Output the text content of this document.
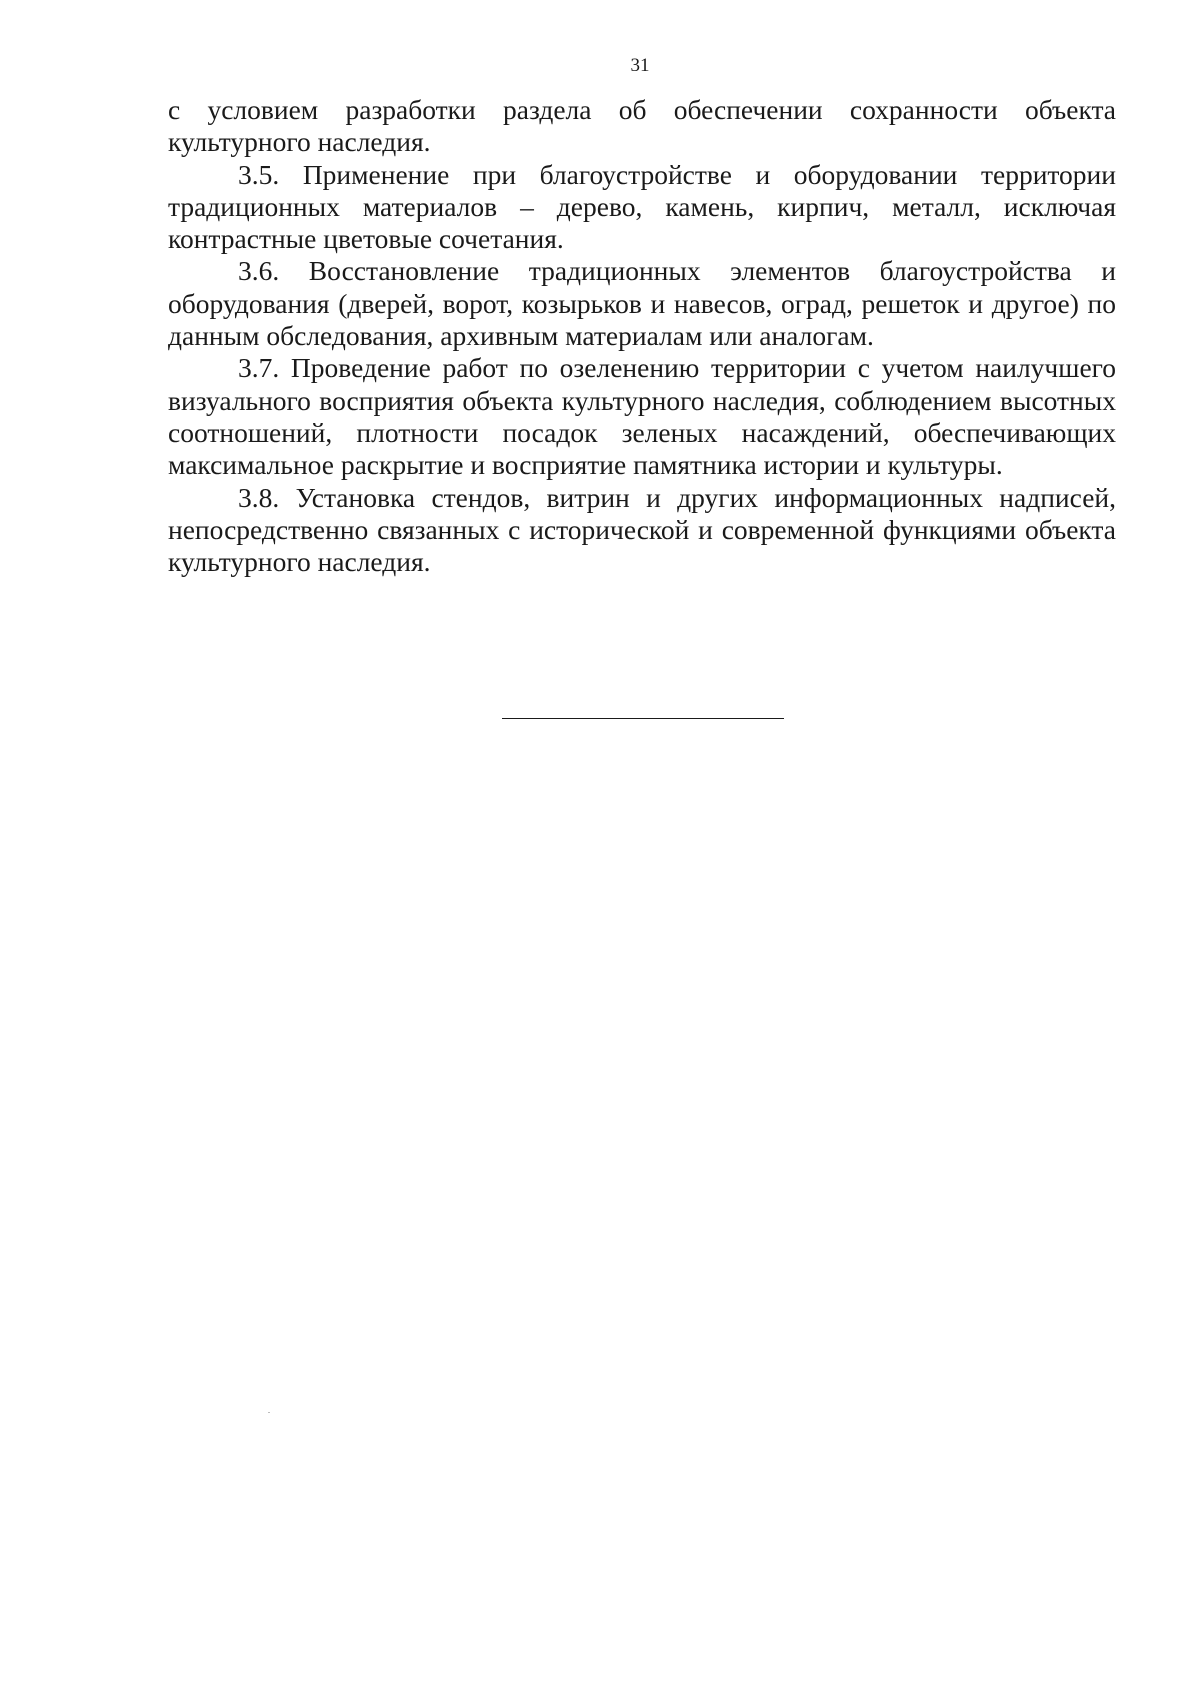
31

с условием разработки раздела об обеспечении сохранности объекта культурного наследия.

3.5. Применение при благоустройстве и оборудовании территории традиционных материалов – дерево, камень, кирпич, металл, исключая контрастные цветовые сочетания.

3.6. Восстановление традиционных элементов благоустройства и оборудования (дверей, ворот, козырьков и навесов, оград, решеток и другое) по данным обследования, архивным материалам или аналогам.

3.7. Проведение работ по озеленению территории с учетом наилучшего визуального восприятия объекта культурного наследия, соблюдением высотных соотношений, плотности посадок зеленых насаждений, обеспечивающих максимальное раскрытие и восприятие памятника истории и культуры.

3.8. Установка стендов, витрин и других информационных надписей, непосредственно связанных с исторической и современной функциями объекта культурного наследия.
